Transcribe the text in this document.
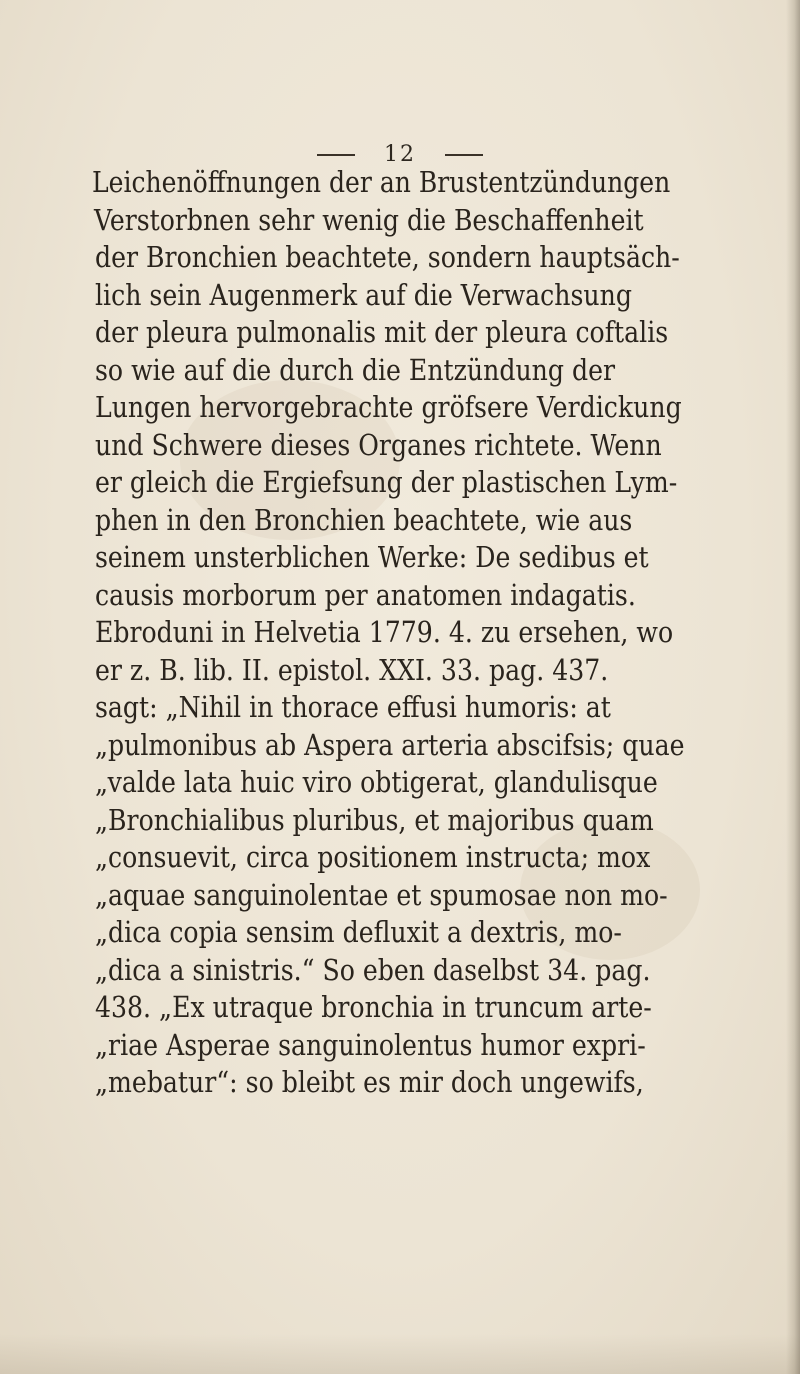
12
Leichenöffnungen der an Brustentzündungen
Verstorbnen sehr wenig die Beschaffenheit
der Bronchien beachtete, sondern hauptsäch-
lich sein Augenmerk auf die Verwachsung
der pleura pulmonalis mit der pleura coftalis
so wie auf die durch die Entzündung der
Lungen hervorgebrachte gröfsere Verdickung
und Schwere dieses Organes richtete. Wenn
er gleich die Ergiefsung der plastischen Lym-
phen in den Bronchien beachtete, wie aus
seinem unsterblichen Werke: De sedibus et
causis morborum per anatomen indagatis.
Ebroduni in Helvetia 1779. 4. zu ersehen, wo
er z. B. lib. II. epistol. XXI. 33. pag. 437.
sagt: „Nihil in thorace effusi humoris: at
„pulmonibus ab Aspera arteria abscifsis; quae
„valde lata huic viro obtigerat, glandulisque
„Bronchialibus pluribus, et majoribus quam
„consuevit, circa positionem instructa; mox
„aquae sanguinolentae et spumosae non mo-
„dica copia sensim defluxit a dextris, mo-
„dica a sinistris.“ So eben daselbst 34. pag.
438. „Ex utraque bronchia in truncum arte-
„riae Asperae sanguinolentus humor expri-
„mebatur“: so bleibt es mir doch ungewifs,
